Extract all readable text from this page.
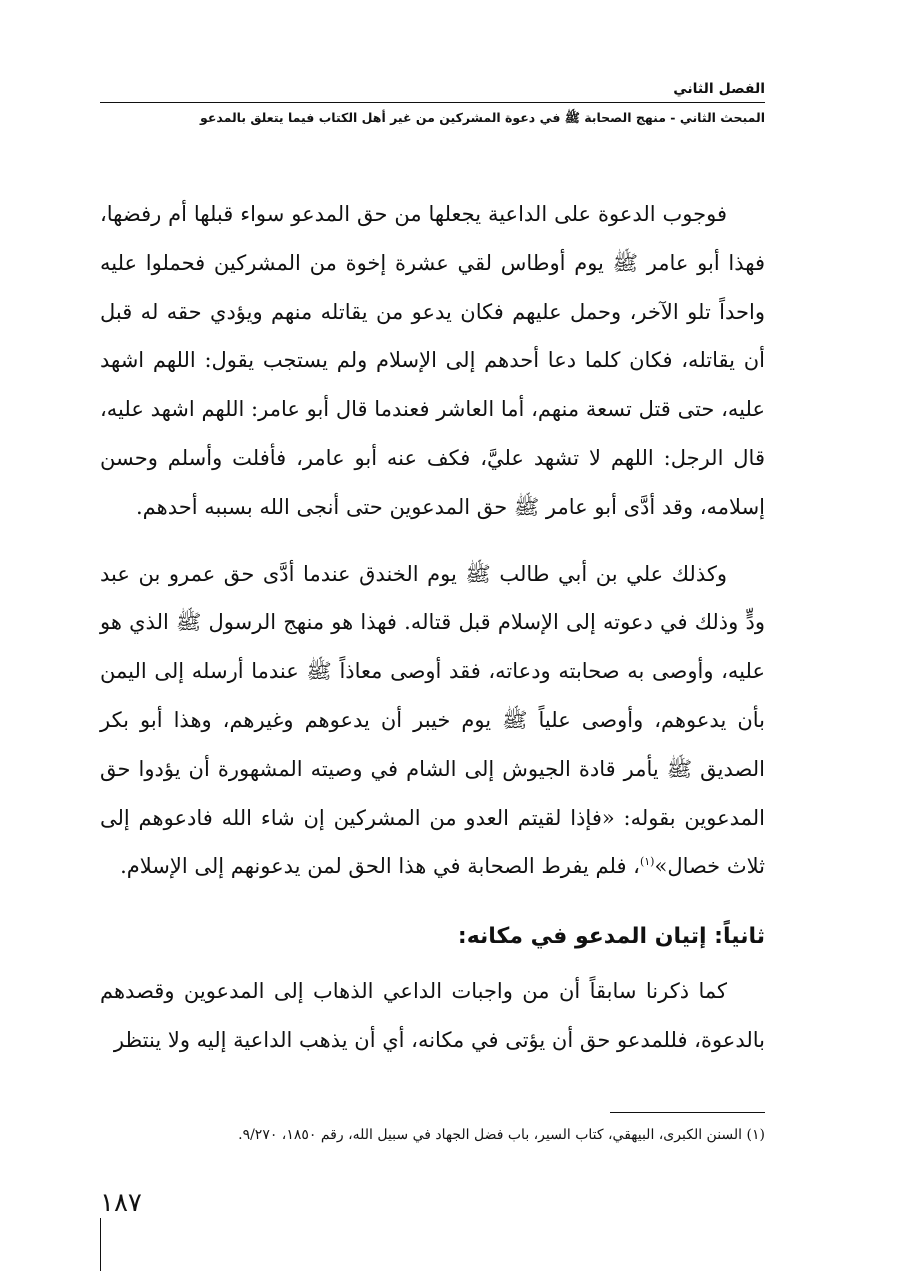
الفصل الثاني
المبحث الثاني - منهج الصحابة ﷺ في دعوة المشركين من غير أهل الكتاب فيما يتعلق بالمدعو

فوجوب الدعوة على الداعية يجعلها من حق المدعو سواء قبلها أم رفضها، فهذا أبو عامر ﷺ يوم أوطاس لقي عشرة إخوة من المشركين فحملوا عليه واحداً تلو الآخر، وحمل عليهم فكان يدعو من يقاتله منهم ويؤدي حقه له قبل أن يقاتله، فكان كلما دعا أحدهم إلى الإسلام ولم يستجب يقول: اللهم اشهد عليه، حتى قتل تسعة منهم، أما العاشر فعندما قال أبو عامر: اللهم اشهد عليه، قال الرجل: اللهم لا تشهد عليَّ، فكف عنه أبو عامر، فأفلت وأسلم وحسن إسلامه، وقد أدَّى أبو عامر ﷺ حق المدعوين حتى أنجى الله بسببه أحدهم.

وكذلك علي بن أبي طالب ﷺ يوم الخندق عندما أدَّى حق عمرو بن عبد ودٍّ وذلك في دعوته إلى الإسلام قبل قتاله. فهذا هو منهج الرسول ﷺ الذي هو عليه، وأوصى به صحابته ودعاته، فقد أوصى معاذاً ﷺ عندما أرسله إلى اليمن بأن يدعوهم، وأوصى علياً ﷺ يوم خيبر أن يدعوهم وغيرهم، وهذا أبو بكر الصديق ﷺ يأمر قادة الجيوش إلى الشام في وصيته المشهورة أن يؤدوا حق المدعوين بقوله: «فإذا لقيتم العدو من المشركين إن شاء الله فادعوهم إلى ثلاث خصال»$^{(١)}$، فلم يفرط الصحابة في هذا الحق لمن يدعونهم إلى الإسلام.

ثانياً: إتيان المدعو في مكانه:

كما ذكرنا سابقاً أن من واجبات الداعي الذهاب إلى المدعوين وقصدهم بالدعوة، فللمدعو حق أن يؤتى في مكانه، أي أن يذهب الداعية إليه ولا ينتظر

(١) السنن الكبرى، البيهقي، كتاب السير، باب فضل الجهاد في سبيل الله، رقم ١٨٥٠، ٩/٢٧٠.
١٨٧
